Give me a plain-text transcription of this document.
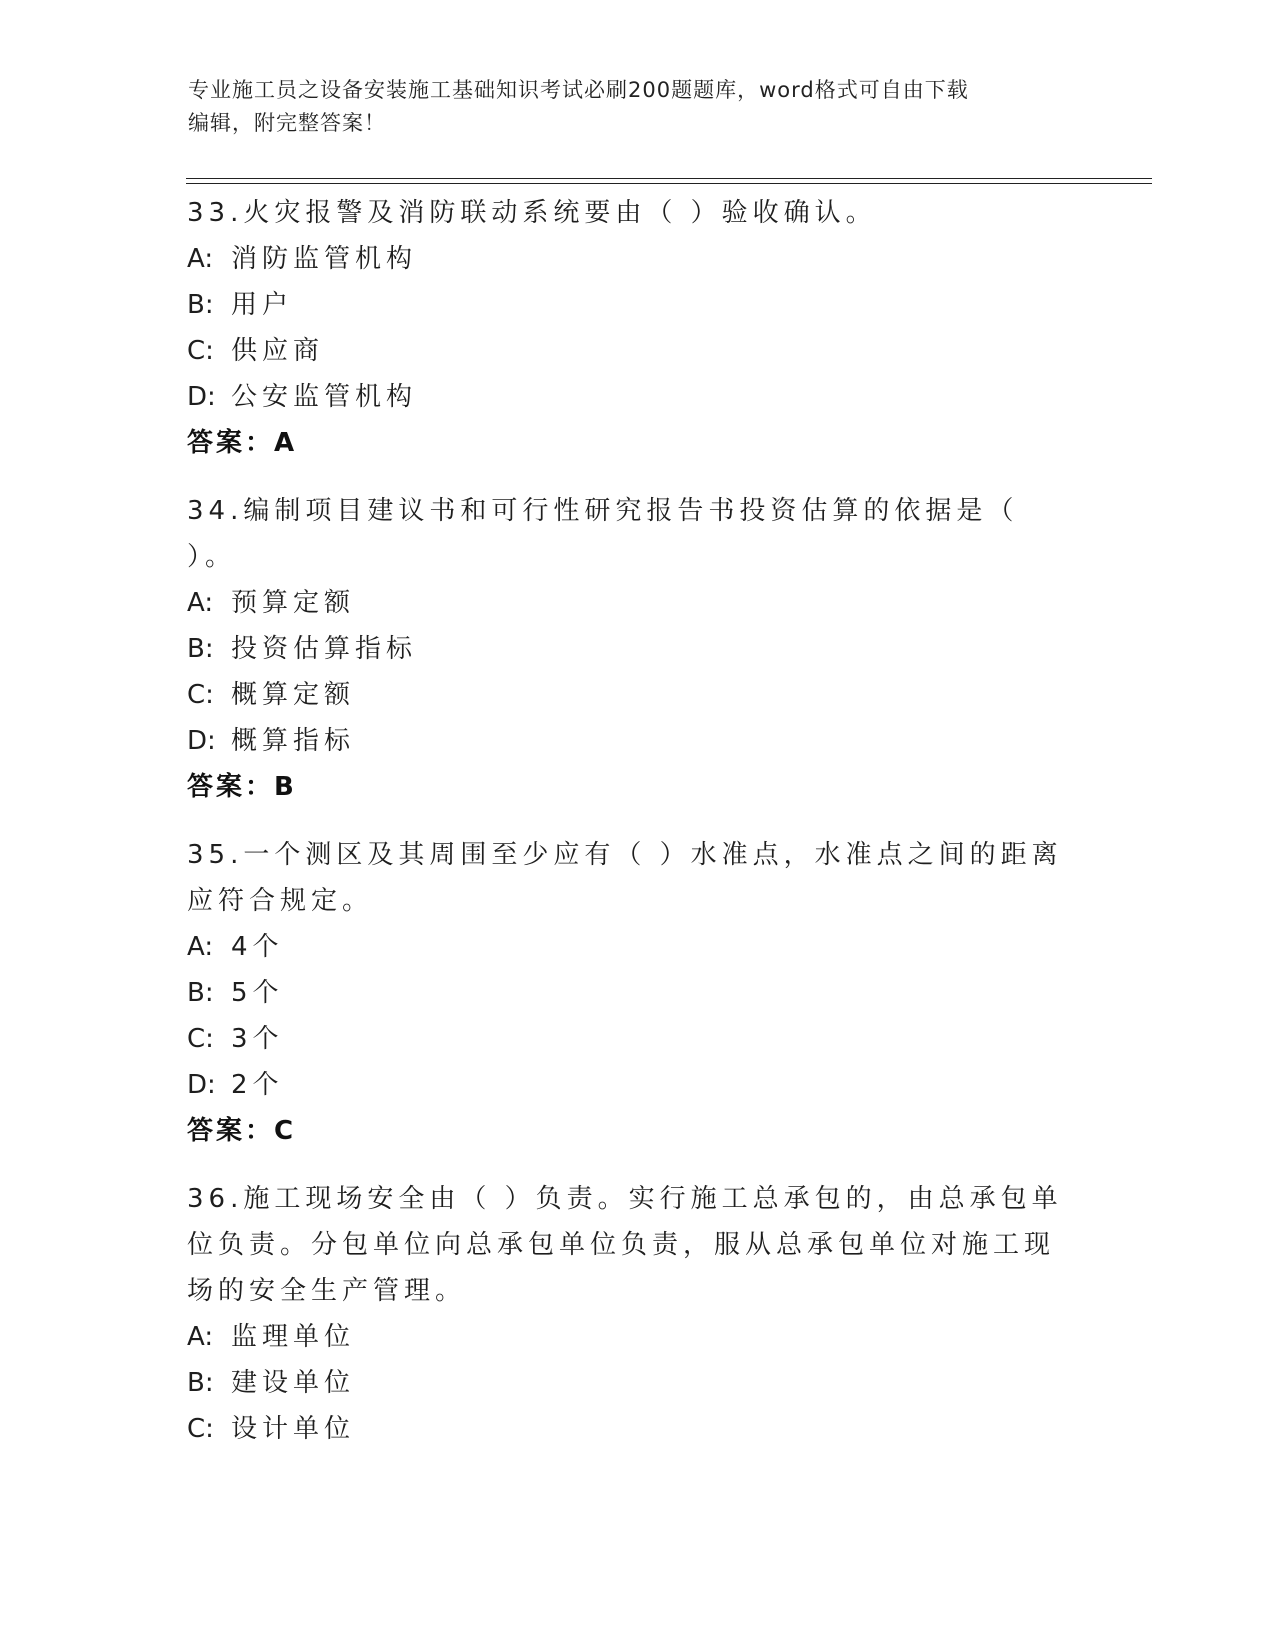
专业施工员之设备安装施工基础知识考试必刷200题题库，word格式可自由下载
编辑，附完整答案！
33.火灾报警及消防联动系统要由（ ）验收确认。
A: 消防监管机构
B: 用户
C: 供应商
D: 公安监管机构
答案：A
34.编制项目建议书和可行性研究报告书投资估算的依据是（ ）。
A: 预算定额
B: 投资估算指标
C: 概算定额
D: 概算指标
答案：B
35.一个测区及其周围至少应有（ ）水准点，水准点之间的距离应符合规定。
A: 4个
B: 5个
C: 3个
D: 2个
答案：C
36.施工现场安全由（ ）负责。实行施工总承包的，由总承包单位负责。分包单位向总承包单位负责，服从总承包单位对施工现场的安全生产管理。
A: 监理单位
B: 建设单位
C: 设计单位
